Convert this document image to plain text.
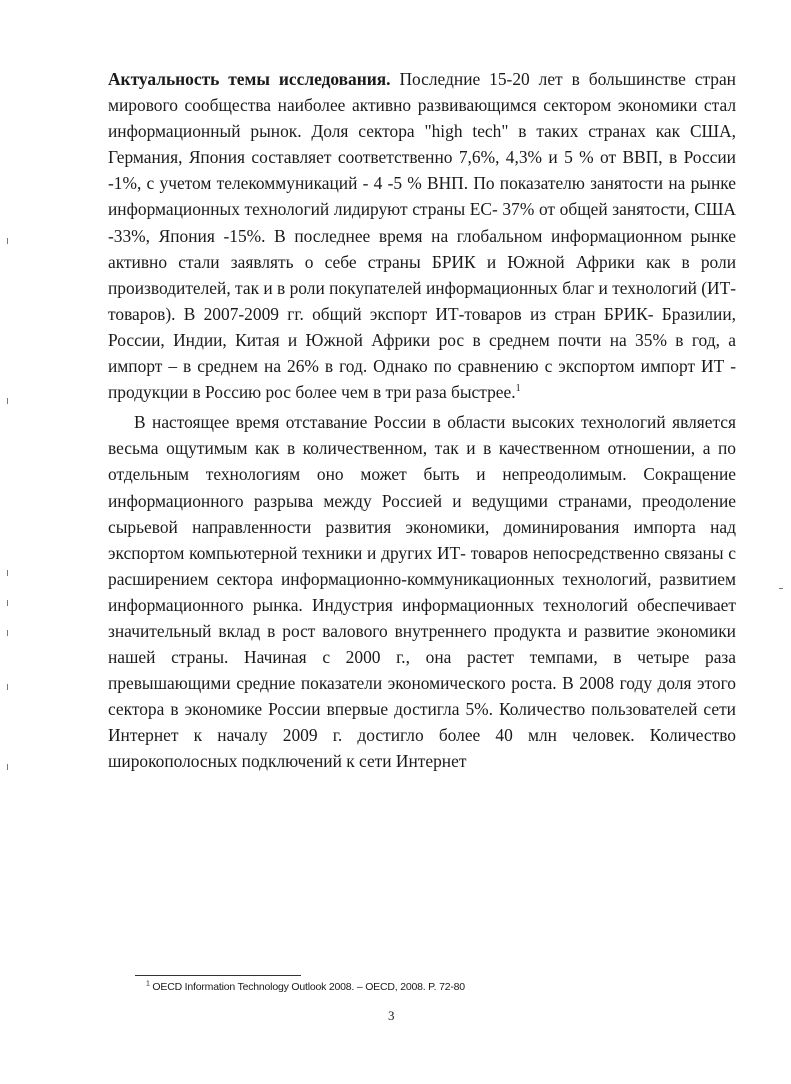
Актуальность темы исследования. Последние 15-20 лет в большинстве стран мирового сообщества наиболее активно развивающимся сектором экономики стал информационный рынок. Доля сектора "high tech" в таких странах как США, Германия, Япония составляет соответственно 7,6%, 4,3% и 5 % от ВВП, в России -1%, с учетом телекоммуникаций - 4 -5 % ВНП. По показателю занятости на рынке информационных технологий лидируют страны ЕС- 37% от общей занятости, США -33%, Япония -15%. В последнее время на глобальном информационном рынке активно стали заявлять о себе страны БРИК и Южной Африки как в роли производителей, так и в роли покупателей информационных благ и технологий (ИТ-товаров). В 2007-2009 гг. общий экспорт ИТ-товаров из стран БРИК- Бразилии, России, Индии, Китая и Южной Африки рос в среднем почти на 35% в год, а импорт – в среднем на 26% в год. Однако по сравнению с экспортом импорт ИТ - продукции в Россию рос более чем в три раза быстрее.$^1$

В настоящее время отставание России в области высоких технологий является весьма ощутимым как в количественном, так и в качественном отношении, а по отдельным технологиям оно может быть и непреодолимым. Сокращение информационного разрыва между Россией и ведущими странами, преодоление сырьевой направленности развития экономики, доминирования импорта над экспортом компьютерной техники и других ИТ- товаров непосредственно связаны с расширением сектора информационно-коммуникационных технологий, развитием информационного рынка. Индустрия информационных технологий обеспечивает значительный вклад в рост валового внутреннего продукта и развитие экономики нашей страны. Начиная с 2000 г., она растет темпами, в четыре раза превышающими средние показатели экономического роста. В 2008 году доля этого сектора в экономике России впервые достигла 5%. Количество пользователей сети Интернет к началу 2009 г. достигло более 40 млн человек. Количество широкополосных подключений к сети Интернет

$^1$ OECD Information Technology Outlook 2008. – OECD, 2008. P. 72-80
3
